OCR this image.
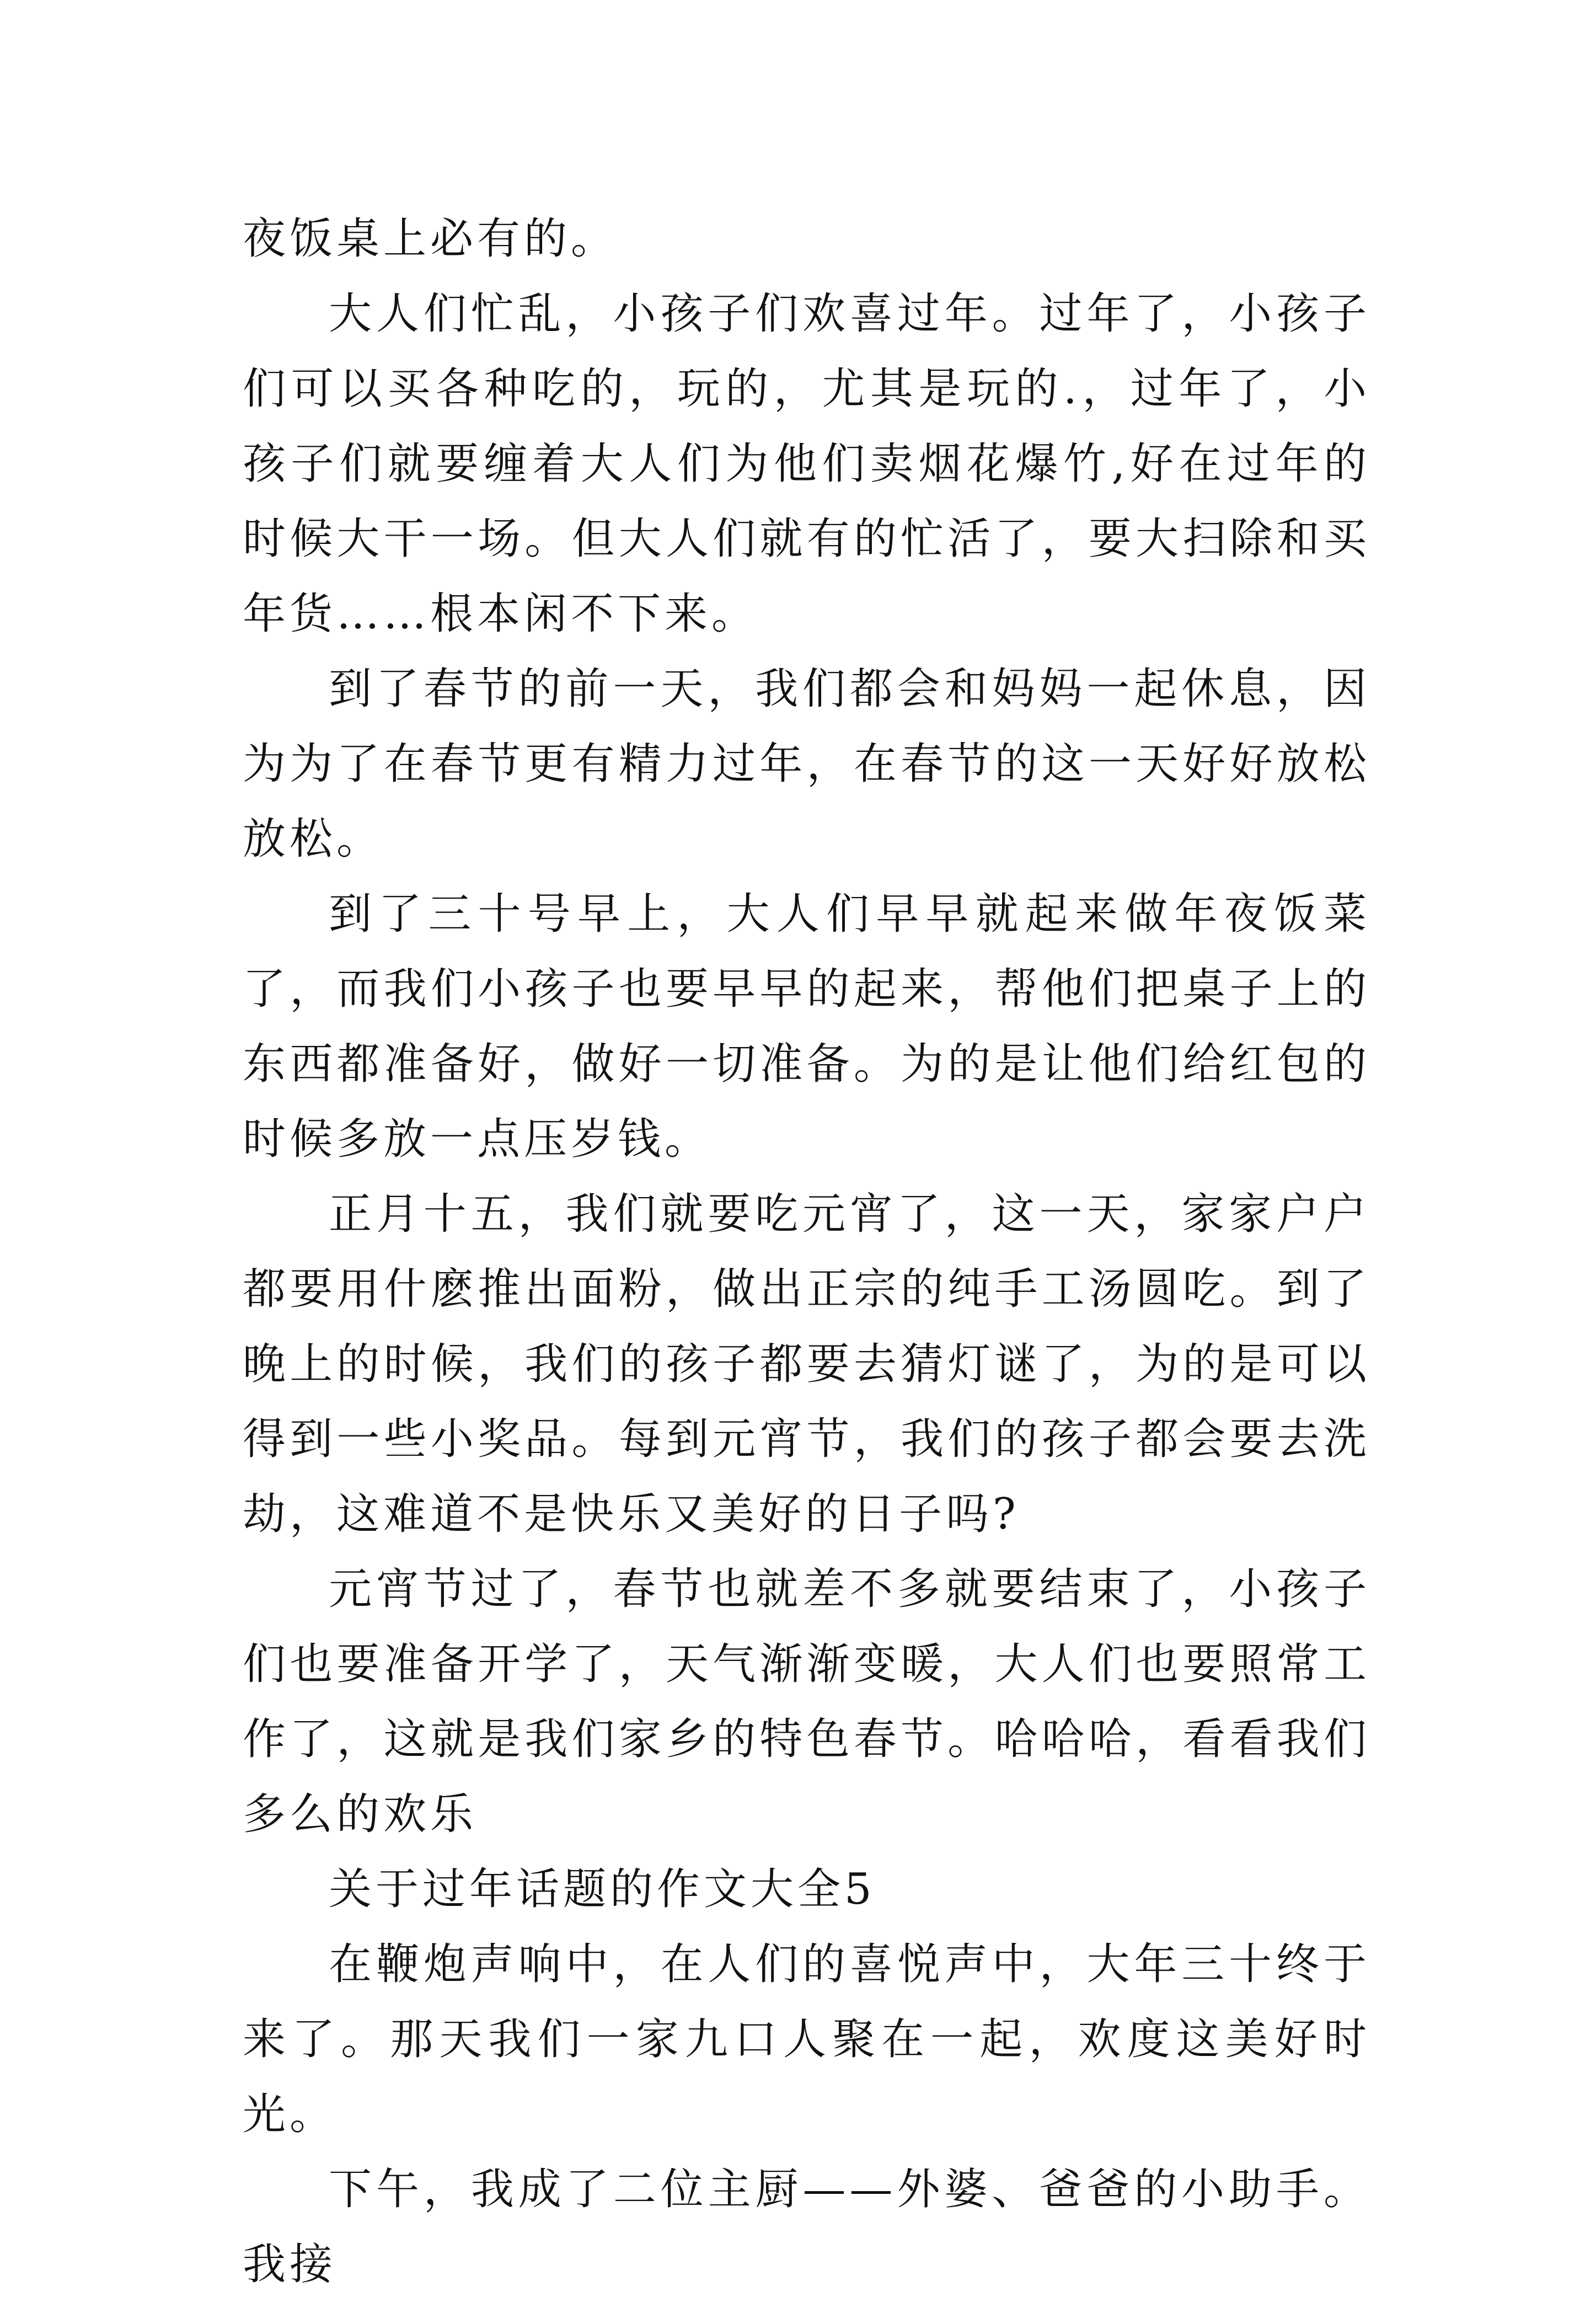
夜饭桌上必有的。

大人们忙乱，小孩子们欢喜过年。过年了，小孩子们可以买各种吃的，玩的，尤其是玩的.，过年了，小孩子们就要缠着大人们为他们卖烟花爆竹,好在过年的时候大干一场。但大人们就有的忙活了，要大扫除和买年货……根本闲不下来。

到了春节的前一天，我们都会和妈妈一起休息，因为为了在春节更有精力过年，在春节的这一天好好放松放松。

到了三十号早上，大人们早早就起来做年夜饭菜了，而我们小孩子也要早早的起来，帮他们把桌子上的东西都准备好，做好一切准备。为的是让他们给红包的时候多放一点压岁钱。

正月十五，我们就要吃元宵了，这一天，家家户户都要用什麽推出面粉，做出正宗的纯手工汤圆吃。到了晚上的时候，我们的孩子都要去猜灯谜了，为的是可以得到一些小奖品。每到元宵节，我们的孩子都会要去洗劫，这难道不是快乐又美好的日子吗?

元宵节过了，春节也就差不多就要结束了，小孩子们也要准备开学了，天气渐渐变暖，大人们也要照常工作了，这就是我们家乡的特色春节。哈哈哈，看看我们多么的欢乐

关于过年话题的作文大全5

在鞭炮声响中，在人们的喜悦声中，大年三十终于来了。那天我们一家九口人聚在一起，欢度这美好时光。

下午，我成了二位主厨——外婆、爸爸的小助手。我接
